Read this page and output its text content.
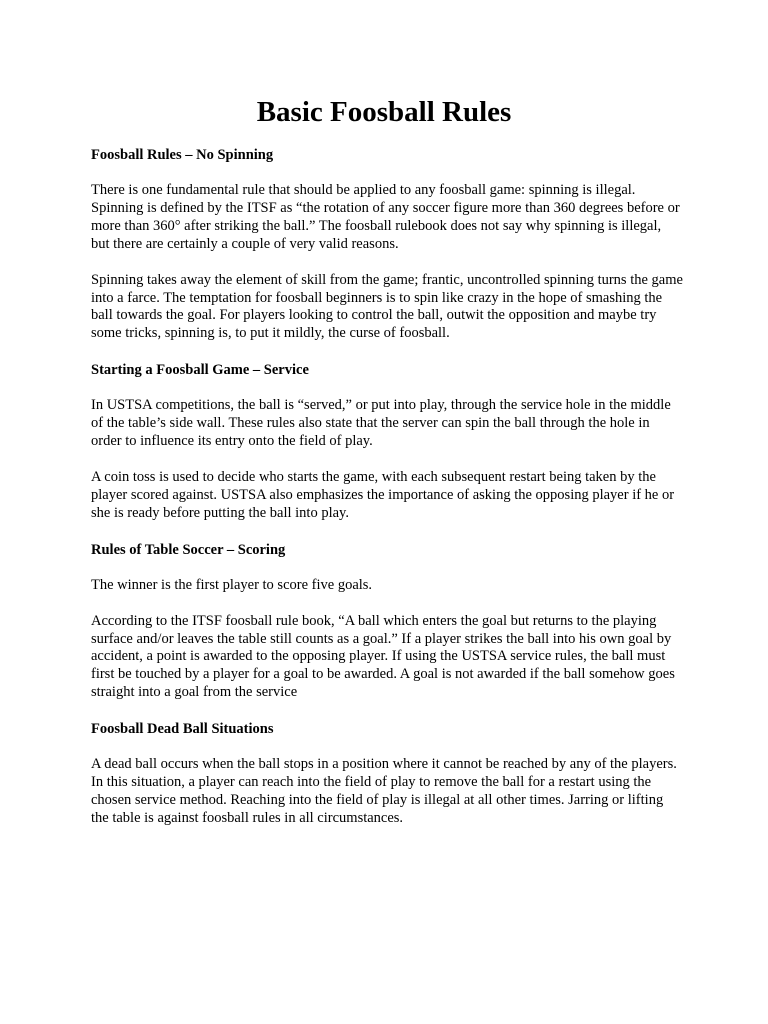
Basic Foosball Rules
Foosball Rules – No Spinning

There is one fundamental rule that should be applied to any foosball game: spinning is illegal. Spinning is defined by the ITSF as “the rotation of any soccer figure more than 360 degrees before or more than 360° after striking the ball.” The foosball rulebook does not say why spinning is illegal, but there are certainly a couple of very valid reasons.

Spinning takes away the element of skill from the game; frantic, uncontrolled spinning turns the game into a farce. The temptation for foosball beginners is to spin like crazy in the hope of smashing the ball towards the goal. For players looking to control the ball, outwit the opposition and maybe try some tricks, spinning is, to put it mildly, the curse of foosball.

Starting a Foosball Game – Service

In USTSA competitions, the ball is “served,” or put into play, through the service hole in the middle of the table’s side wall. These rules also state that the server can spin the ball through the hole in order to influence its entry onto the field of play.

A coin toss is used to decide who starts the game, with each subsequent restart being taken by the player scored against. USTSA also emphasizes the importance of asking the opposing player if he or she is ready before putting the ball into play.

Rules of Table Soccer – Scoring

The winner is the first player to score five goals.

According to the ITSF foosball rule book, “A ball which enters the goal but returns to the playing surface and/or leaves the table still counts as a goal.” If a player strikes the ball into his own goal by accident, a point is awarded to the opposing player. If using the USTSA service rules, the ball must first be touched by a player for a goal to be awarded. A goal is not awarded if the ball somehow goes straight into a goal from the service

Foosball Dead Ball Situations

A dead ball occurs when the ball stops in a position where it cannot be reached by any of the players. In this situation, a player can reach into the field of play to remove the ball for a restart using the chosen service method. Reaching into the field of play is illegal at all other times. Jarring or lifting the table is against foosball rules in all circumstances.
